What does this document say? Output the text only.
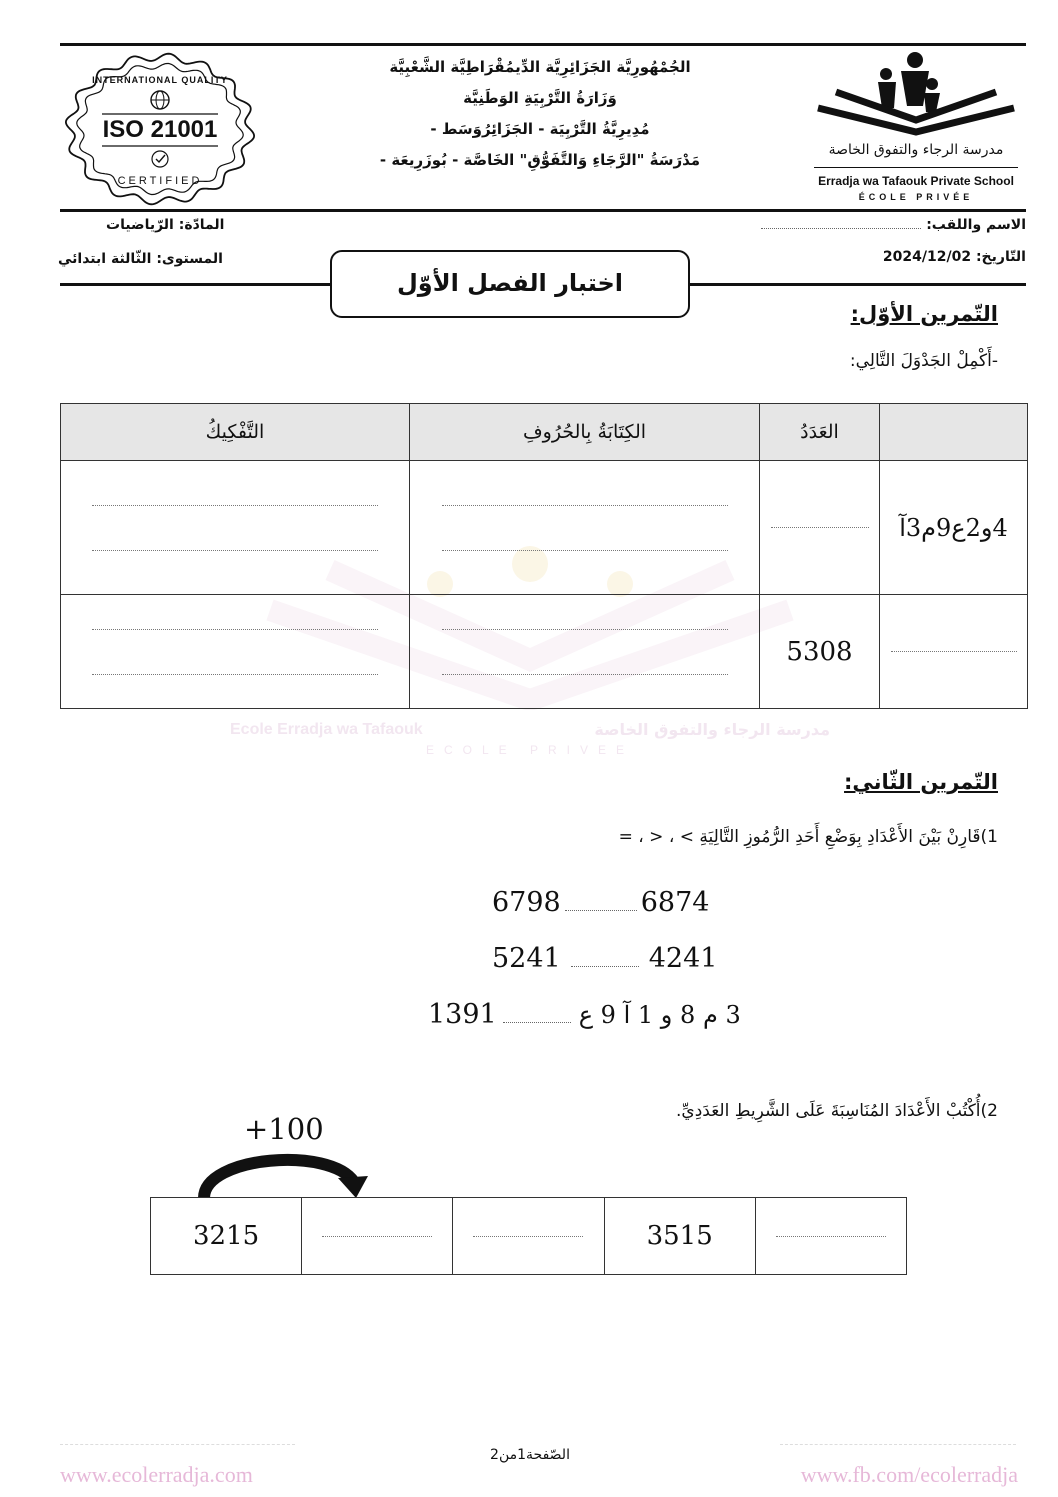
مدرسة الرجاء والتفوق الخاصة
Ecole Erradja wa Tafaouk
ECOLE PRIVEE
INTERNATIONAL QUALITY
ISO 21001
CERTIFIED
الجُمْهُورِيَّة الجَزَائِرِيَّة الدِّيمُقْرَاطِيَّة الشَّعْبِيَّة
وَزَارَةُ التَّرْبِيَةِ الوَطَنِيَّة
مُدِيرِيَّةُ التَّرْبِيَة - الجَزَائِرُوَسَط -
مَدْرَسَةُ "الرَّجَاءِ وَالتَّفَوُّقِ" الخَاصَّة - بُوزَرِيعَة -
مدرسة الرجاء والتفوق الخاصة
Erradja wa Tafaouk Private School
ÉCOLE PRIVÉE
الاسم واللقب:
التّاريخ: 2024/12/02
المادّة: الرّياضيات
المستوى: الثّالثة ابتدائي
اختبار الفصل الأوّل
التّمرين الأوّل:
-أَكْمِلْ الجَدْوَلَ التَّالِي:
	العَدَدُ	الكِتَابَةُ بِالحُرُوفِ	التَّفْكِيكُ
4و2ع9م3آ	

	5308	

التّمرين الثّاني:
1)قَارِنْ بَيْنَ الأَعْدَادِ بِوَضْعِ أَحَدِ الرُّمُوزِ التَّالِيَةِ > ، < ، =
6798	6874
5241	4241
3 م 8 و 1 آ 9 ع1391
2)أُكْتُبْ الأَعْدَادَ المُنَاسِبَةَ عَلَى الشَّرِيطِ العَدَدِيِّ.
+100
3215			3515	
الصّفحة1من2
www.ecolerradja.com	www.fb.com/ecolerradja
